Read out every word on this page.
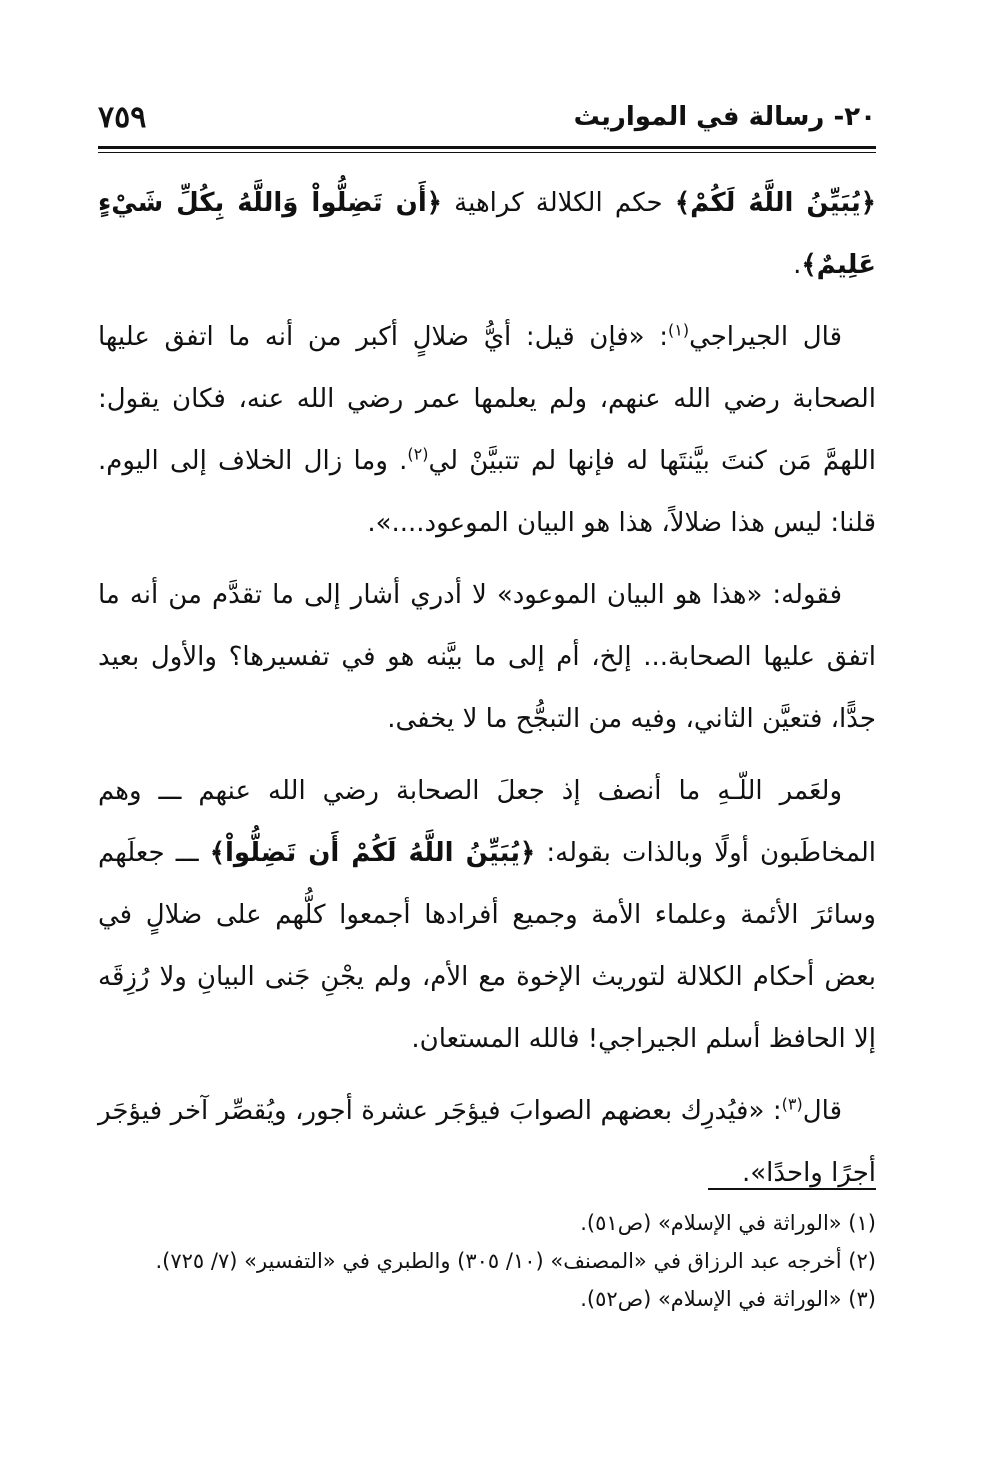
٧٥٩	٢٠- رسالة في المواريث

﴿يُبَيِّنُ اللَّهُ لَكُمْ﴾ حكم الكلالة كراهية ﴿أَن تَضِلُّواْ وَاللَّهُ بِكُلِّ شَيْءٍ عَلِيمٌ﴾.

قال الجيراجي$^{(١)}$: «فإن قيل: أيُّ ضلالٍ أكبر من أنه ما اتفق عليها الصحابة رضي الله عنهم، ولم يعلمها عمر رضي الله عنه، فكان يقول: اللهمَّ مَن كنتَ بيَّنتَها له فإنها لم تتبيَّنْ لي$^{(٢)}$. وما زال الخلاف إلى اليوم. قلنا: ليس هذا ضلالاً، هذا هو البيان الموعود....».

فقوله: «هذا هو البيان الموعود» لا أدري أشار إلى ما تقدَّم من أنه ما اتفق عليها الصحابة... إلخ، أم إلى ما بيَّنه هو في تفسيرها؟ والأول بعيد جدًّا، فتعيَّن الثاني، وفيه من التبجُّح ما لا يخفى.

ولعَمر اللّـهِ ما أنصف إذ جعلَ الصحابة رضي الله عنهم ـــ وهم المخاطَبون أولًا وبالذات بقوله: ﴿يُبَيِّنُ اللَّهُ لَكُمْ أَن تَضِلُّواْ﴾ ـــ جعلَهم وسائرَ الأئمة وعلماء الأمة وجميع أفرادها أجمعوا كلُّهم على ضلالٍ في بعض أحكام الكلالة لتوريث الإخوة مع الأم، ولم يجْنِ جَنى البيانِ ولا رُزِقَه إلا الحافظ أسلم الجيراجي! فالله المستعان.

قال$^{(٣)}$: «فيُدرِك بعضهم الصوابَ فيؤجَر عشرة أجور، ويُقصِّر آخر فيؤجَر أجرًا واحدًا».

(١) «الوراثة في الإسلام» (ص٥١).

(٢) أخرجه عبد الرزاق في «المصنف» (١٠/ ٣٠٥) والطبري في «التفسير» (٧/ ٧٢٥).

(٣) «الوراثة في الإسلام» (ص٥٢).
